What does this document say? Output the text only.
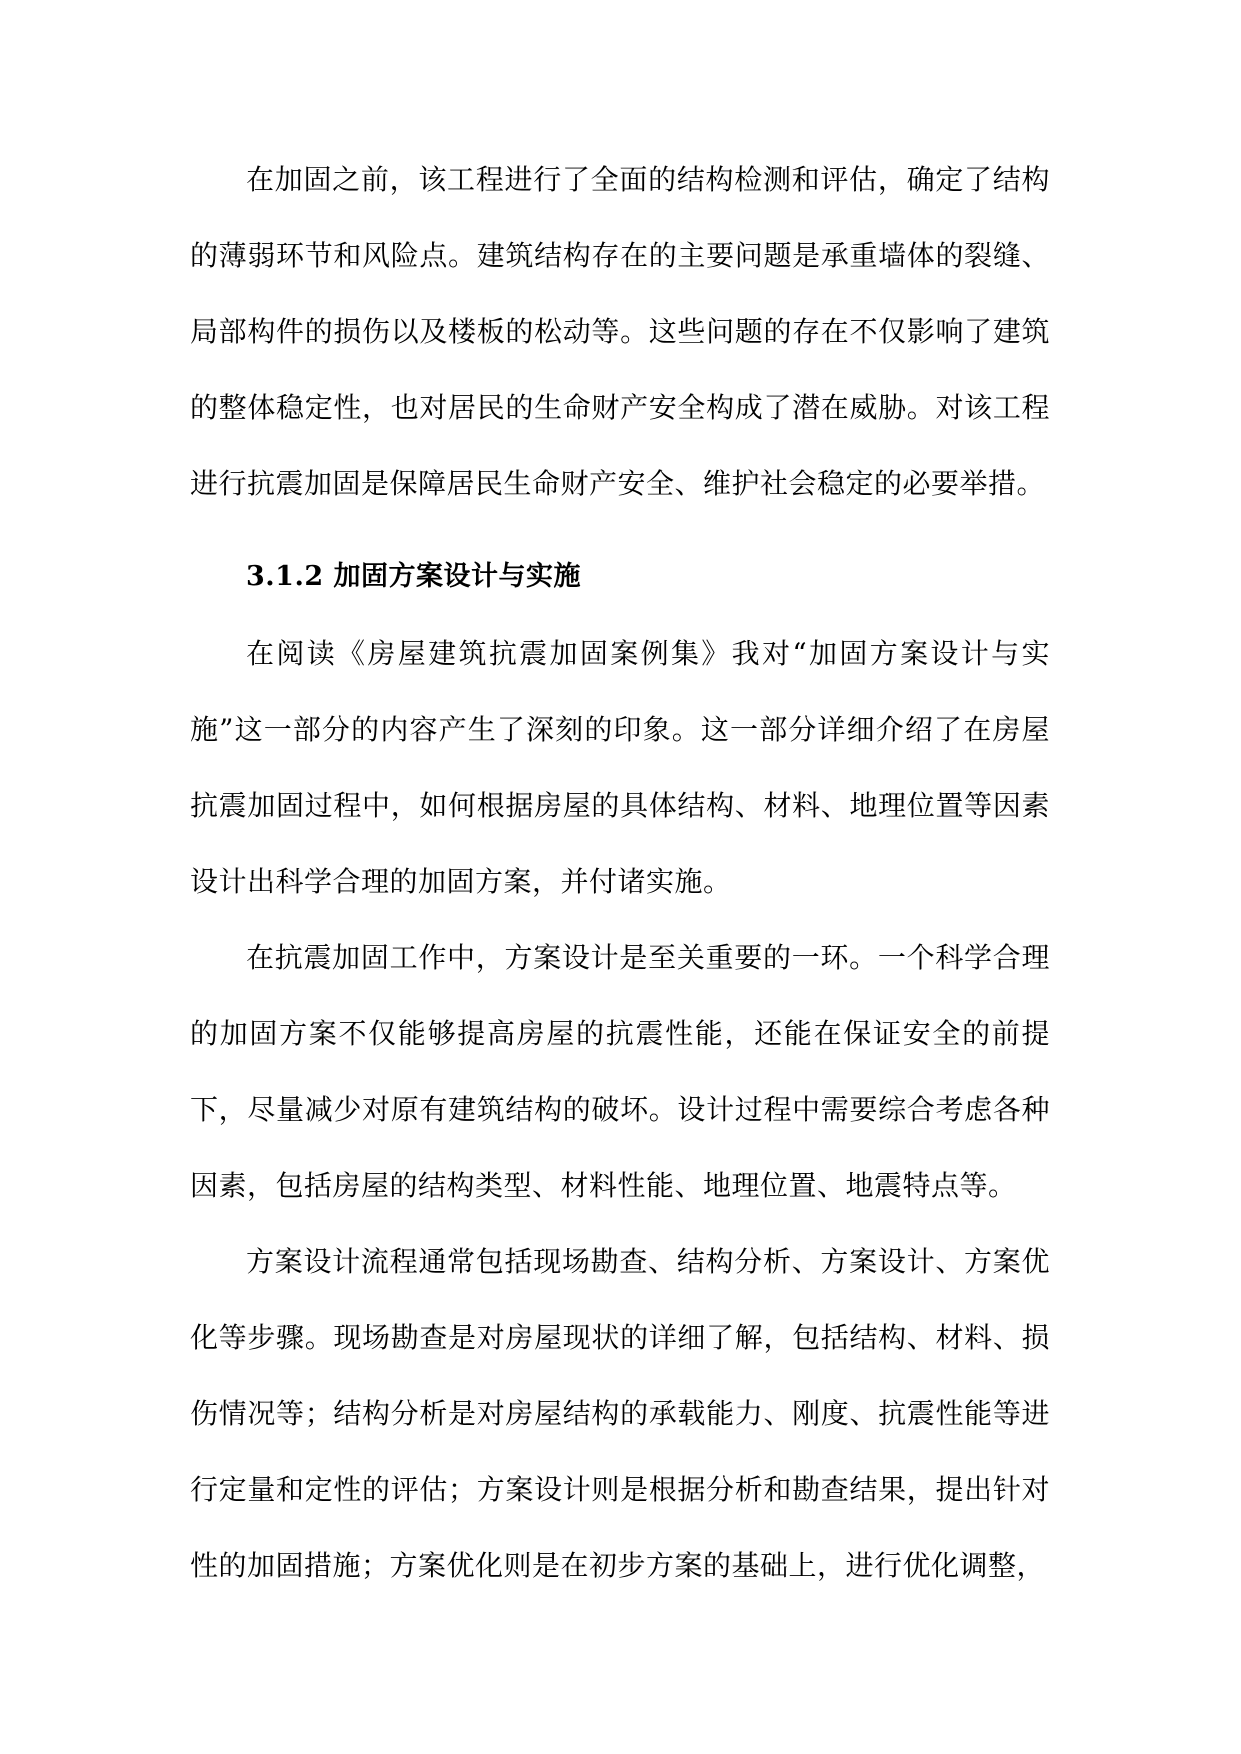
在加固之前，该工程进行了全面的结构检测和评估，确定了结构的薄弱环节和风险点。建筑结构存在的主要问题是承重墙体的裂缝、局部构件的损伤以及楼板的松动等。这些问题的存在不仅影响了建筑的整体稳定性，也对居民的生命财产安全构成了潜在威胁。对该工程进行抗震加固是保障居民生命财产安全、维护社会稳定的必要举措。

3.1.2 加固方案设计与实施

在阅读《房屋建筑抗震加固案例集》我对“加固方案设计与实施”这一部分的内容产生了深刻的印象。这一部分详细介绍了在房屋抗震加固过程中，如何根据房屋的具体结构、材料、地理位置等因素设计出科学合理的加固方案，并付诸实施。

在抗震加固工作中，方案设计是至关重要的一环。一个科学合理的加固方案不仅能够提高房屋的抗震性能，还能在保证安全的前提下，尽量减少对原有建筑结构的破坏。设计过程中需要综合考虑各种因素，包括房屋的结构类型、材料性能、地理位置、地震特点等。

方案设计流程通常包括现场勘查、结构分析、方案设计、方案优化等步骤。现场勘查是对房屋现状的详细了解，包括结构、材料、损伤情况等；结构分析是对房屋结构的承载能力、刚度、抗震性能等进行定量和定性的评估；方案设计则是根据分析和勘查结果，提出针对性的加固措施；方案优化则是在初步方案的基础上，进行优化调整，
